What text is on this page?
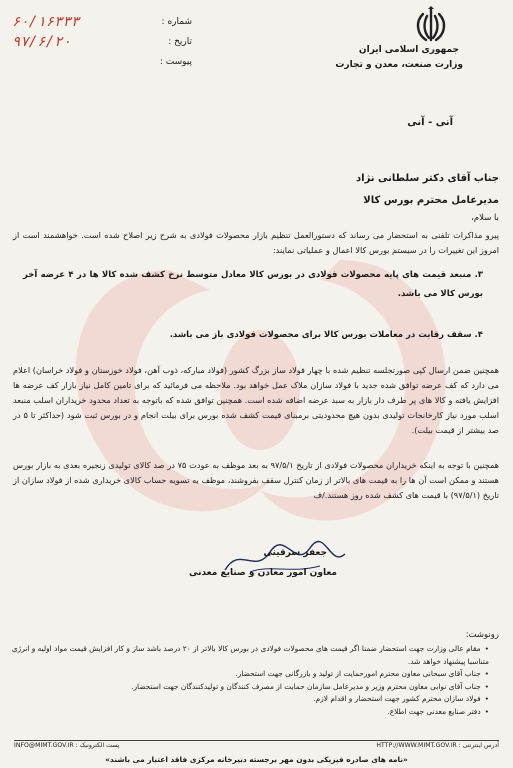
جمهوری اسلامی ایران
وزارت صنعت، معدن و تجارت
شماره :
۶۰/۱۶۳۳۳
تاریخ :
۹۷/۶/۲۰
پیوست :
آنی - آنی
جناب آقای دکتر سلطانی نژاد
مدیرعامل محترم بورس کالا
با سلام،
پیرو مذاکرات تلفنی به استحضار می رساند که دستورالعمل تنظیم بازار محصولات فولادی به شرح زیر اصلاح شده است. خواهشمند است از امروز این تغییرات را در سیستم بورس کالا اعمال و عملیاتی نمایند:
۳. منبعد قیمت های پایه محصولات فولادی در بورس کالا معادل متوسط نرخ کشف شده کالا ها در ۴ عرضه آخر بورس کالا می باشد.
۴. سقف رقابت در معاملات بورس کالا برای محصولات فولادی باز می باشد.
همچنین ضمن ارسال کپی صورتجلسه تنظیم شده با چهار فولاد ساز بزرگ کشور (فولاد مبارکه، ذوب آهن، فولاد خوزستان و فولاد خراسان) اعلام می دارد که کف عرضه توافق شده جدید با فولاد سازان ملاک عمل خواهد بود. ملاحظه می فرمائید که برای تامین کامل نیاز بازار کف عرضه ها افزایش یافته و کالا های پر طرف دار بازار به سبد عرضه اضافه شده است. همچنین توافق شده که باتوجه به تعداد محدود خریداران اسلب منبعد اسلب مورد نیاز کارخانجات تولیدی بدون هیچ محدودیتی برمبنای قیمت کشف شده بورس برای بیلت انجام و در بورس ثبت شود (حداکثر تا ۵ در صد بیشتر از قیمت بیلت).
همچنین با توجه به اینکه خریداران محصولات فولادی از تاریخ ۹۷/۵/۱ به بعد موظف به عودت ۷۵ در صد کالای تولیدی زنجیره بعدی به بازار بورس هستند و ممکن است آن ها را به قیمت های بالاتر از زمان کنترل سقف بفروشند، موظف به تسویه حساب کالای خریداری شده از فولاد سازان از تاریخ (۹۷/۵/۱) با قیمت های کشف شده روز هستند./ف
جعفر سرقینی
معاون امور معادن و صنایع معدنی
رونوشت:
• مقام عالی وزارت جهت استحضار ضمنا اگر قیمت های محصولات فولادی در بورس کالا بالاتر از ۲۰ درصد باشد ساز و کار افزایش قیمت مواد اولیه و انرژی متناسبا پیشنهاد خواهد شد.
• جناب آقای سبحانی معاون محترم امورحمایت از تولید و بازرگانی جهت استحضار.
• جناب آقای نوابی معاون محترم وزیر و مدیرعامل سازمان حمایت از مصرف کنندگان و تولیدکنندگان جهت استحضار.
• فولاد سازان محترم کشور جهت استحضار و اقدام لازم.
• دفتر صنایع معدنی جهت اطلاع.
INFO@MIMT.GOV.IR : پست الکترونیک	HTTP://WWW.MIMT.GOV.IR : آدرس اینترنتی
«نامه های صادره فیزیکی بدون مهر برجسته دبیرخانه مرکزی فاقد اعتبار می باشند»
